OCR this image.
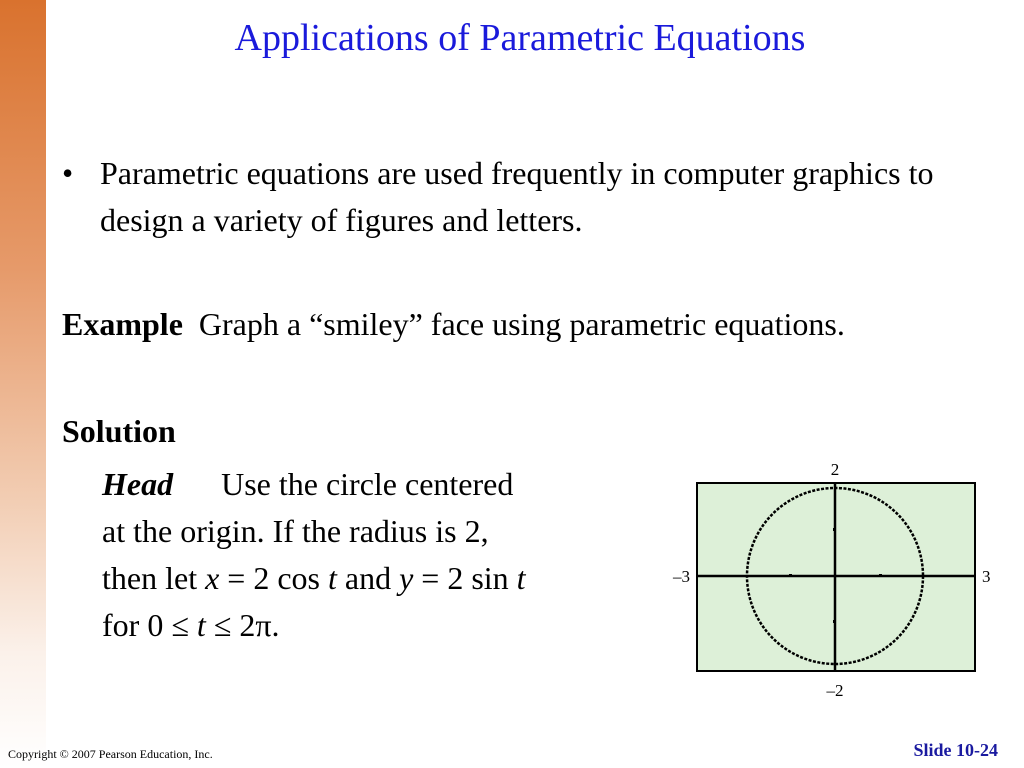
Applications of Parametric Equations
• Parametric equations are used frequently in computer graphics to design a variety of figures and letters.
Example Graph a “smiley” face using parametric equations.
Solution
Head Use the circle centered
at the origin. If the radius is 2,
then let x = 2 cos t and y = 2 sin t
for 0 ≤ t ≤ 2π.
2
–2
–3	3
Copyright © 2007 Pearson Education, Inc.	Slide 10-24
